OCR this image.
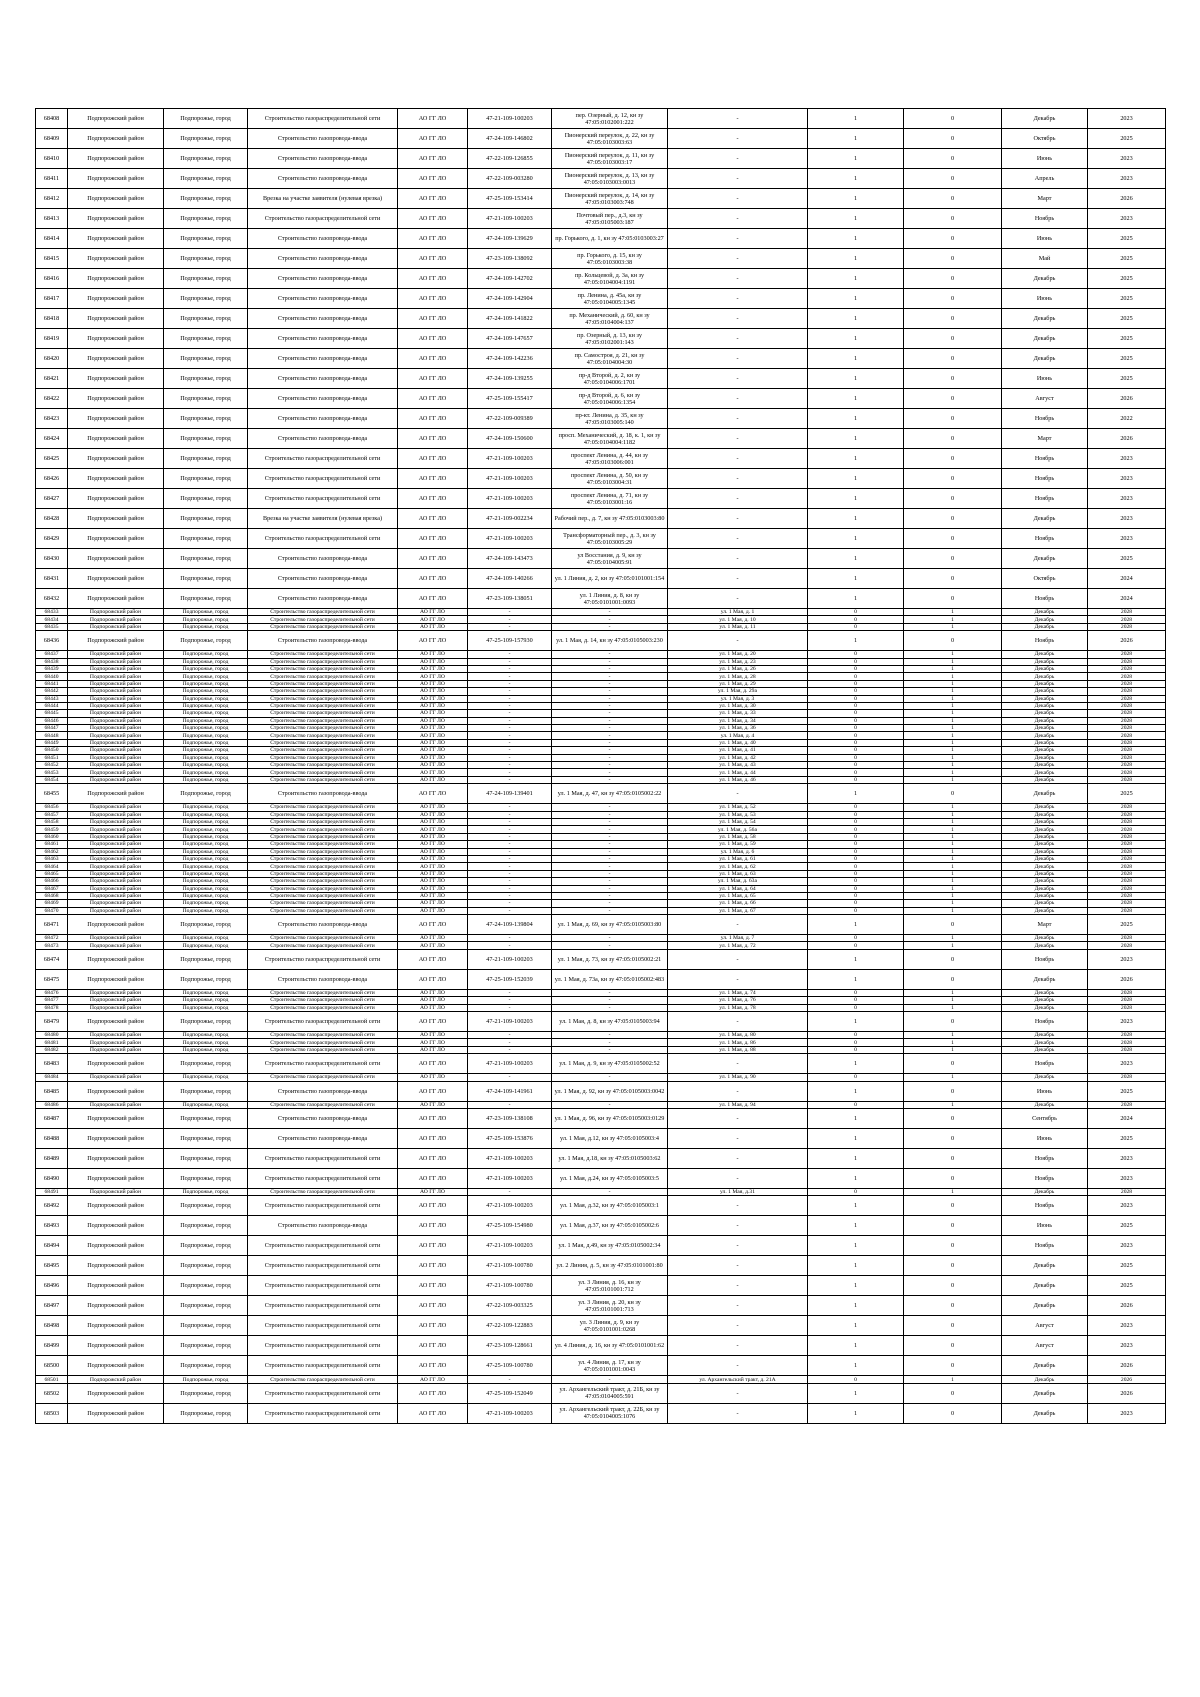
68408	Подпорожский район	Подпорожье, город	Строительство газораспределительной сети	АО ГГ ЛО	47-21-109-100203	пер. Озерный, д. 12, кн зу 47:05:0102001:222	-	1	0	Декабрь	2023
68409	Подпорожский район	Подпорожье, город	Строительство газопровода-ввода	АО ГГ ЛО	47-24-109-146802	Пионерский переулок, д. 22, кн зу 47:05:0103003:63	-	1	0	Октябрь	2025
68410	Подпорожский район	Подпорожье, город	Строительство газопровода-ввода	АО ГГ ЛО	47-22-109-126855	Пионерский переулок, д. 11, кн зу 47:05:0103003:17	-	1	0	Июнь	2023
68411	Подпорожский район	Подпорожье, город	Строительство газопровода-ввода	АО ГГ ЛО	47-22-109-003280	Пионерский переулок, д. 13, кн зу 47:05:0103003:0013	-	1	0	Апрель	2023
68412	Подпорожский район	Подпорожье, город	Врезка на участке заявителя (нулевая врезка)	АО ГГ ЛО	47-25-109-153414	Пионерский переулок, д. 14, кн зу 47:05:0103003:748	-	1	0	Март	2026
68413	Подпорожский район	Подпорожье, город	Строительство газораспределительной сети	АО ГГ ЛО	47-21-109-100203	Почтовый пер., д.3, кн зу 47:05:0105003:187	-	1	0	Ноябрь	2023
68414	Подпорожский район	Подпорожье, город	Строительство газопровода-ввода	АО ГГ ЛО	47-24-109-139629	пр. Горького, д. 1, кн зу 47:05:0103003:27	-	1	0	Июнь	2025
68415	Подпорожский район	Подпорожье, город	Строительство газопровода-ввода	АО ГГ ЛО	47-23-109-138092	пр. Горького, д. 15, кн зу 47:05:0103003:38	-	1	0	Май	2025
68416	Подпорожский район	Подпорожье, город	Строительство газопровода-ввода	АО ГГ ЛО	47-24-109-142702	пр. Кольцевой, д. 3а, кн зу 47:05:0104004:1191	-	1	0	Декабрь	2025
68417	Подпорожский район	Подпорожье, город	Строительство газопровода-ввода	АО ГГ ЛО	47-24-109-142904	пр. Ленина, д. 45а, кн зу 47:05:0104005:1345	-	1	0	Июнь	2025
68418	Подпорожский район	Подпорожье, город	Строительство газопровода-ввода	АО ГГ ЛО	47-24-109-141822	пр. Механический, д. 60, кн зу 47:05:0104004:137	-	1	0	Декабрь	2025
68419	Подпорожский район	Подпорожье, город	Строительство газопровода-ввода	АО ГГ ЛО	47-24-109-147657	пр. Озерный, д. 13, кн зу 47:05:0102001:143	-	1	0	Декабрь	2025
68420	Подпорожский район	Подпорожье, город	Строительство газопровода-ввода	АО ГГ ЛО	47-24-109-142236	пр. Самостроя, д. 21, кн зу 47:05:0104004:30	-	1	0	Декабрь	2025
68421	Подпорожский район	Подпорожье, город	Строительство газопровода-ввода	АО ГГ ЛО	47-24-109-139255	пр-д Второй, д. 2, кн зу 47:05:0104006:1701	-	1	0	Июнь	2025
68422	Подпорожский район	Подпорожье, город	Строительство газопровода-ввода	АО ГГ ЛО	47-25-109-155417	пр-д Второй, д. 6, кн зу 47:05:0104006:1354	-	1	0	Август	2026
68423	Подпорожский район	Подпорожье, город	Строительство газопровода-ввода	АО ГГ ЛО	47-22-109-009389	пр-кт. Ленина, д. 35, кн зу 47:05:0103005:140	-	1	0	Ноябрь	2022
68424	Подпорожский район	Подпорожье, город	Строительство газопровода-ввода	АО ГГ ЛО	47-24-109-150600	просп. Механический, д. 18, к. 1, кн зу 47:05:0104004:1182	-	1	0	Март	2026
68425	Подпорожский район	Подпорожье, город	Строительство газораспределительной сети	АО ГГ ЛО	47-21-109-100203	проспект Ленина, д. 44, кн зу 47:05:0103006:001	-	1	0	Ноябрь	2023
68426	Подпорожский район	Подпорожье, город	Строительство газораспределительной сети	АО ГГ ЛО	47-21-109-100203	проспект Ленина, д. 50, кн зу 47:05:0103004:31	-	1	0	Ноябрь	2023
68427	Подпорожский район	Подпорожье, город	Строительство газораспределительной сети	АО ГГ ЛО	47-21-109-100203	проспект Ленина, д. 71, кн зу 47:05:0103001:16	-	1	0	Ноябрь	2023
68428	Подпорожский район	Подпорожье, город	Врезка на участке заявителя (нулевая врезка)	АО ГГ ЛО	47-21-109-002234	Рабочий пер., д. 7, кн зу 47:05:0103003:80	-	1	0	Декабрь	2023
68429	Подпорожский район	Подпорожье, город	Строительство газораспределительной сети	АО ГГ ЛО	47-21-109-100203	Трансформаторный пер., д. 3, кн зу 47:05:0103005:29	-	1	0	Ноябрь	2023
68430	Подпорожский район	Подпорожье, город	Строительство газопровода-ввода	АО ГГ ЛО	47-24-109-143473	ул Восстания, д. 9, кн зу 47:05:0104005:91	-	1	0	Декабрь	2025
68431	Подпорожский район	Подпорожье, город	Строительство газопровода-ввода	АО ГГ ЛО	47-24-109-140266	ул. 1 Линия, д. 2, кн зу 47:05:0101001:154	-	1	0	Октябрь	2024
68432	Подпорожский район	Подпорожье, город	Строительство газопровода-ввода	АО ГГ ЛО	47-23-109-138051	ул. 1 Линия, д. 8, кн зу 47:05:0101001:0093	-	1	0	Ноябрь	2024
68433	Подпорожский район	Подпорожье, город	Строительство газораспределительной сети	АО ГГ ЛО	-	-	ул. 1 Мая, д. 1	0	1	Декабрь	2028
68434	Подпорожский район	Подпорожье, город	Строительство газораспределительной сети	АО ГГ ЛО	-	-	ул. 1 Мая, д. 10	0	1	Декабрь	2028
68435	Подпорожский район	Подпорожье, город	Строительство газораспределительной сети	АО ГГ ЛО	-	-	ул. 1 Мая, д. 11	0	1	Декабрь	2028
68436	Подпорожский район	Подпорожье, город	Строительство газопровода-ввода	АО ГГ ЛО	47-25-109-157930	ул. 1 Мая, д. 14, кн зу 47:05:0105003:230	-	1	0	Ноябрь	2026
68437	Подпорожский район	Подпорожье, город	Строительство газораспределительной сети	АО ГГ ЛО	-	-	ул. 1 Мая, д. 20	0	1	Декабрь	2028
68438	Подпорожский район	Подпорожье, город	Строительство газораспределительной сети	АО ГГ ЛО	-	-	ул. 1 Мая, д. 23	0	1	Декабрь	2028
68439	Подпорожский район	Подпорожье, город	Строительство газораспределительной сети	АО ГГ ЛО	-	-	ул. 1 Мая, д. 26	0	1	Декабрь	2028
68440	Подпорожский район	Подпорожье, город	Строительство газораспределительной сети	АО ГГ ЛО	-	-	ул. 1 Мая, д. 28	0	1	Декабрь	2028
68441	Подпорожский район	Подпорожье, город	Строительство газораспределительной сети	АО ГГ ЛО	-	-	ул. 1 Мая, д. 29	0	1	Декабрь	2028
68442	Подпорожский район	Подпорожье, город	Строительство газораспределительной сети	АО ГГ ЛО	-	-	ул. 1 Мая, д. 29а	0	1	Декабрь	2028
68443	Подпорожский район	Подпорожье, город	Строительство газораспределительной сети	АО ГГ ЛО	-	-	ул. 1 Мая, д. 3	0	1	Декабрь	2028
68444	Подпорожский район	Подпорожье, город	Строительство газораспределительной сети	АО ГГ ЛО	-	-	ул. 1 Мая, д. 30	0	1	Декабрь	2028
68445	Подпорожский район	Подпорожье, город	Строительство газораспределительной сети	АО ГГ ЛО	-	-	ул. 1 Мая, д. 33	0	1	Декабрь	2028
68446	Подпорожский район	Подпорожье, город	Строительство газораспределительной сети	АО ГГ ЛО	-	-	ул. 1 Мая, д. 34	0	1	Декабрь	2028
68447	Подпорожский район	Подпорожье, город	Строительство газораспределительной сети	АО ГГ ЛО	-	-	ул. 1 Мая, д. 36	0	1	Декабрь	2028
68448	Подпорожский район	Подпорожье, город	Строительство газораспределительной сети	АО ГГ ЛО	-	-	ул. 1 Мая, д. 4	0	1	Декабрь	2028
68449	Подпорожский район	Подпорожье, город	Строительство газораспределительной сети	АО ГГ ЛО	-	-	ул. 1 Мая, д. 40	0	1	Декабрь	2028
68450	Подпорожский район	Подпорожье, город	Строительство газораспределительной сети	АО ГГ ЛО	-	-	ул. 1 Мая, д. 41	0	1	Декабрь	2028
68451	Подпорожский район	Подпорожье, город	Строительство газораспределительной сети	АО ГГ ЛО	-	-	ул. 1 Мая, д. 42	0	1	Декабрь	2028
68452	Подпорожский район	Подпорожье, город	Строительство газораспределительной сети	АО ГГ ЛО	-	-	ул. 1 Мая, д. 43	0	1	Декабрь	2028
68453	Подпорожский район	Подпорожье, город	Строительство газораспределительной сети	АО ГГ ЛО	-	-	ул. 1 Мая, д. 44	0	1	Декабрь	2028
68454	Подпорожский район	Подпорожье, город	Строительство газораспределительной сети	АО ГГ ЛО	-	-	ул. 1 Мая, д. 46	0	1	Декабрь	2028
68455	Подпорожский район	Подпорожье, город	Строительство газопровода-ввода	АО ГГ ЛО	47-24-109-139401	ул. 1 Мая, д. 47, кн зу 47:05:0105002:22	-	1	0	Декабрь	2025
68456	Подпорожский район	Подпорожье, город	Строительство газораспределительной сети	АО ГГ ЛО	-	-	ул. 1 Мая, д. 52	0	1	Декабрь	2028
68457	Подпорожский район	Подпорожье, город	Строительство газораспределительной сети	АО ГГ ЛО	-	-	ул. 1 Мая, д. 53	0	1	Декабрь	2028
68458	Подпорожский район	Подпорожье, город	Строительство газораспределительной сети	АО ГГ ЛО	-	-	ул. 1 Мая, д. 54	0	1	Декабрь	2028
68459	Подпорожский район	Подпорожье, город	Строительство газораспределительной сети	АО ГГ ЛО	-	-	ул. 1 Мая, д. 56а	0	1	Декабрь	2028
68460	Подпорожский район	Подпорожье, город	Строительство газораспределительной сети	АО ГГ ЛО	-	-	ул. 1 Мая, д. 58	0	1	Декабрь	2028
68461	Подпорожский район	Подпорожье, город	Строительство газораспределительной сети	АО ГГ ЛО	-	-	ул. 1 Мая, д. 59	0	1	Декабрь	2028
68462	Подпорожский район	Подпорожье, город	Строительство газораспределительной сети	АО ГГ ЛО	-	-	ул. 1 Мая, д. 6	0	1	Декабрь	2028
68463	Подпорожский район	Подпорожье, город	Строительство газораспределительной сети	АО ГГ ЛО	-	-	ул. 1 Мая, д. 61	0	1	Декабрь	2028
68464	Подпорожский район	Подпорожье, город	Строительство газораспределительной сети	АО ГГ ЛО	-	-	ул. 1 Мая, д. 62	0	1	Декабрь	2028
68465	Подпорожский район	Подпорожье, город	Строительство газораспределительной сети	АО ГГ ЛО	-	-	ул. 1 Мая, д. 63	0	1	Декабрь	2028
68466	Подпорожский район	Подпорожье, город	Строительство газораспределительной сети	АО ГГ ЛО	-	-	ул. 1 Мая, д. 63а	0	1	Декабрь	2028
68467	Подпорожский район	Подпорожье, город	Строительство газораспределительной сети	АО ГГ ЛО	-	-	ул. 1 Мая, д. 64	0	1	Декабрь	2028
68468	Подпорожский район	Подпорожье, город	Строительство газораспределительной сети	АО ГГ ЛО	-	-	ул. 1 Мая, д. 65	0	1	Декабрь	2028
68469	Подпорожский район	Подпорожье, город	Строительство газораспределительной сети	АО ГГ ЛО	-	-	ул. 1 Мая, д. 66	0	1	Декабрь	2028
68470	Подпорожский район	Подпорожье, город	Строительство газораспределительной сети	АО ГГ ЛО	-	-	ул. 1 Мая, д. 67	0	1	Декабрь	2028
68471	Подпорожский район	Подпорожье, город	Строительство газопровода-ввода	АО ГГ ЛО	47-24-109-139804	ул. 1 Мая, д. 69, кн зу 47:05:0105003:80	-	1	0	Март	2025
68472	Подпорожский район	Подпорожье, город	Строительство газораспределительной сети	АО ГГ ЛО	-	-	ул. 1 Мая, д. 7	0	1	Декабрь	2028
68473	Подпорожский район	Подпорожье, город	Строительство газораспределительной сети	АО ГГ ЛО	-	-	ул. 1 Мая, д. 72	0	1	Декабрь	2028
68474	Подпорожский район	Подпорожье, город	Строительство газораспределительной сети	АО ГГ ЛО	47-21-109-100203	ул. 1 Мая, д. 73, кн зу 47:05:0105002:21	-	1	0	Ноябрь	2023
68475	Подпорожский район	Подпорожье, город	Строительство газопровода-ввода	АО ГГ ЛО	47-25-109-152039	ул. 1 Мая, д. 73а, кн зу 47:05:0105002:483	-	1	0	Декабрь	2026
68476	Подпорожский район	Подпорожье, город	Строительство газораспределительной сети	АО ГГ ЛО	-	-	ул. 1 Мая, д. 74	0	1	Декабрь	2028
68477	Подпорожский район	Подпорожье, город	Строительство газораспределительной сети	АО ГГ ЛО	-	-	ул. 1 Мая, д. 76	0	1	Декабрь	2028
68478	Подпорожский район	Подпорожье, город	Строительство газораспределительной сети	АО ГГ ЛО	-	-	ул. 1 Мая, д. 78	0	1	Декабрь	2028
68479	Подпорожский район	Подпорожье, город	Строительство газораспределительной сети	АО ГГ ЛО	47-21-109-100203	ул. 1 Мая, д. 8, кн зу 47:05:0105003:94	-	1	0	Ноябрь	2023
68480	Подпорожский район	Подпорожье, город	Строительство газораспределительной сети	АО ГГ ЛО	-	-	ул. 1 Мая, д. 80	0	1	Декабрь	2028
68481	Подпорожский район	Подпорожье, город	Строительство газораспределительной сети	АО ГГ ЛО	-	-	ул. 1 Мая, д. 86	0	1	Декабрь	2028
68482	Подпорожский район	Подпорожье, город	Строительство газораспределительной сети	АО ГГ ЛО	-	-	ул. 1 Мая, д. 88	0	1	Декабрь	2028
68483	Подпорожский район	Подпорожье, город	Строительство газораспределительной сети	АО ГГ ЛО	47-21-109-100203	ул. 1 Мая, д. 9, кн зу 47:05:0105002:52	-	1	0	Ноябрь	2023
68484	Подпорожский район	Подпорожье, город	Строительство газораспределительной сети	АО ГГ ЛО	-	-	ул. 1 Мая, д. 90	0	1	Декабрь	2028
68485	Подпорожский район	Подпорожье, город	Строительство газопровода-ввода	АО ГГ ЛО	47-24-109-141961	ул. 1 Мая, д. 92, кн зу 47:05:0105003:0042	-	1	0	Июнь	2025
68486	Подпорожский район	Подпорожье, город	Строительство газораспределительной сети	АО ГГ ЛО	-	-	ул. 1 Мая, д. 94	0	1	Декабрь	2028
68487	Подпорожский район	Подпорожье, город	Строительство газопровода-ввода	АО ГГ ЛО	47-23-109-138108	ул. 1 Мая, д. 96, кн зу 47:05:0105003:0129	-	1	0	Сентябрь	2024
68488	Подпорожский район	Подпорожье, город	Строительство газопровода-ввода	АО ГГ ЛО	47-25-109-153876	ул. 1 Мая, д.12, кн зу 47:05:0105003:4	-	1	0	Июнь	2025
68489	Подпорожский район	Подпорожье, город	Строительство газораспределительной сети	АО ГГ ЛО	47-21-109-100203	ул. 1 Мая, д.18, кн зу 47:05:0105003:62	-	1	0	Ноябрь	2023
68490	Подпорожский район	Подпорожье, город	Строительство газораспределительной сети	АО ГГ ЛО	47-21-109-100203	ул. 1 Мая, д.24, кн зу 47:05:0105003:5	-	1	0	Ноябрь	2023
68491	Подпорожский район	Подпорожье, город	Строительство газораспределительной сети	АО ГГ ЛО	-	-	ул. 1 Мая, д.31	0	1	Декабрь	2028
68492	Подпорожский район	Подпорожье, город	Строительство газораспределительной сети	АО ГГ ЛО	47-21-109-100203	ул. 1 Мая, д.32, кн зу 47:05:0105003:1	-	1	0	Ноябрь	2023
68493	Подпорожский район	Подпорожье, город	Строительство газопровода-ввода	АО ГГ ЛО	47-25-109-154980	ул. 1 Мая, д.37, кн зу 47:05:0105002:6	-	1	0	Июнь	2025
68494	Подпорожский район	Подпорожье, город	Строительство газораспределительной сети	АО ГГ ЛО	47-21-109-100203	ул. 1 Мая, д.49, кн зу 47:05:0105002:34	-	1	0	Ноябрь	2023
68495	Подпорожский район	Подпорожье, город	Строительство газораспределительной сети	АО ГГ ЛО	47-21-109-100780	ул. 2 Линия, д. 5, кн зу 47:05:0101001:80	-	1	0	Декабрь	2025
68496	Подпорожский район	Подпорожье, город	Строительство газораспределительной сети	АО ГГ ЛО	47-21-109-100780	ул. 3 Линия, д. 16, кн зу 47:05:0101001:712	-	1	0	Декабрь	2025
68497	Подпорожский район	Подпорожье, город	Строительство газораспределительной сети	АО ГГ ЛО	47-22-109-003325	ул. 3 Линия, д. 20, кн зу 47:05:0101001:713	-	1	0	Декабрь	2026
68498	Подпорожский район	Подпорожье, город	Строительство газораспределительной сети	АО ГГ ЛО	47-22-109-122883	ул. 3 Линия, д. 9, кн зу 47:05:0101001:0268	-	1	0	Август	2023
68499	Подпорожский район	Подпорожье, город	Строительство газораспределительной сети	АО ГГ ЛО	47-23-109-128661	ул. 4 Линия, д. 16, кн зу 47:05:0101001:62	-	1	0	Август	2023
68500	Подпорожский район	Подпорожье, город	Строительство газораспределительной сети	АО ГГ ЛО	47-25-109-100780	ул. 4 Линия, д. 17, кн зу 47:05:0101001:0043	-	1	0	Декабрь	2026
68501	Подпорожский район	Подпорожье, город	Строительство газораспределительной сети	АО ГГ ЛО	-	-	ул. Архангельский тракт, д. 21А	0	1	Декабрь	2026
68502	Подпорожский район	Подпорожье, город	Строительство газораспределительной сети	АО ГГ ЛО	47-25-109-152049	ул. Архангельский тракт, д. 21Б, кн зу 47:05:0104005:591	-	1	0	Декабрь	2026
68503	Подпорожский район	Подпорожье, город	Строительство газораспределительной сети	АО ГГ ЛО	47-21-109-100203	ул. Архангельский тракт, д. 22Б, кн зу 47:05:0104005:1076	-	1	0	Декабрь	2023
